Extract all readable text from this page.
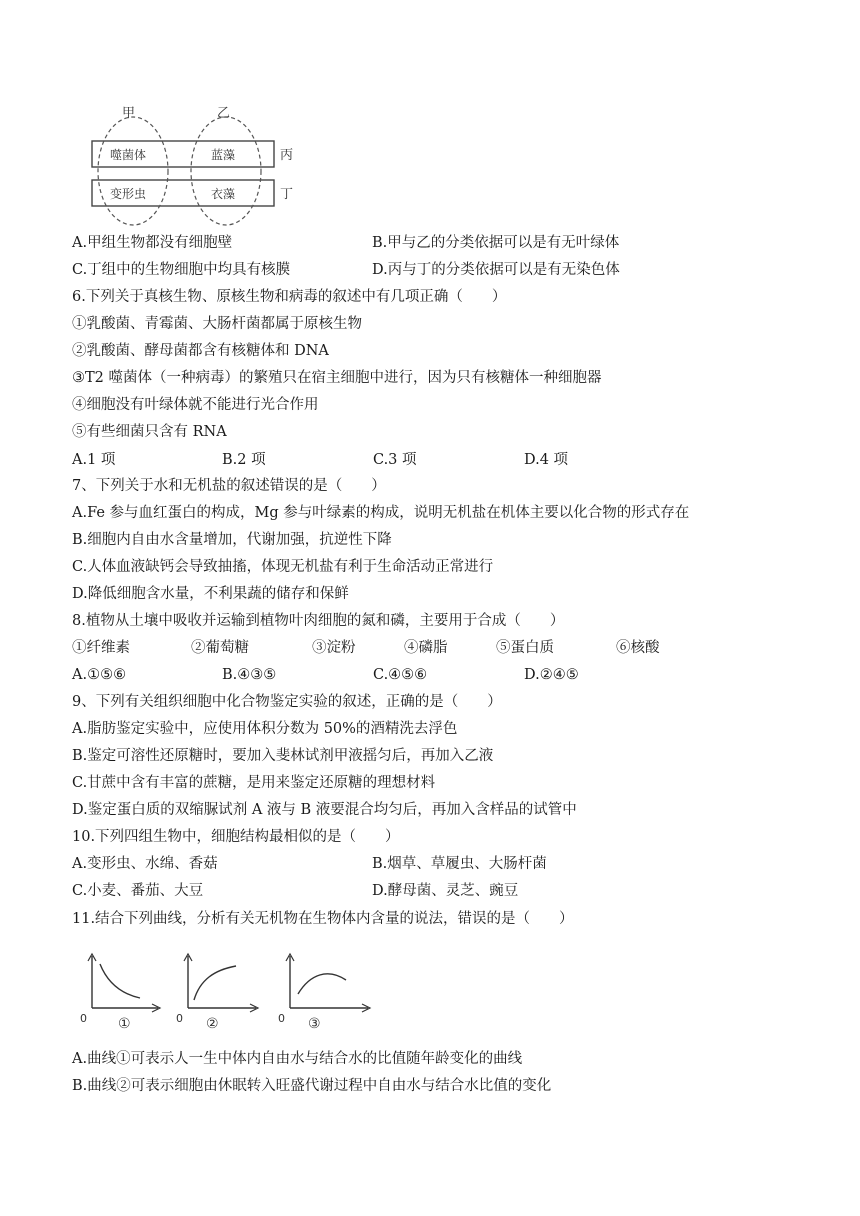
甲	乙
丙
丁
噬菌体	蓝藻
变形虫	衣藻
A.甲组生物都没有细胞壁	B.甲与乙的分类依据可以是有无叶绿体
C.丁组中的生物细胞中均具有核膜	D.丙与丁的分类依据可以是有无染色体
6.下列关于真核生物、原核生物和病毒的叙述中有几项正确（　　）
①乳酸菌、青霉菌、大肠杆菌都属于原核生物
②乳酸菌、酵母菌都含有核糖体和 DNA
③T2 噬菌体（一种病毒）的繁殖只在宿主细胞中进行，因为只有核糖体一种细胞器
④细胞没有叶绿体就不能进行光合作用
⑤有些细菌只含有 RNA
A.1 项	B.2 项	C.3 项	D.4 项
7、下列关于水和无机盐的叙述错误的是（　　）
A.Fe 参与血红蛋白的构成，Mg 参与叶绿素的构成，说明无机盐在机体主要以化合物的形式存在
B.细胞内自由水含量增加，代谢加强，抗逆性下降
C.人体血液缺钙会导致抽搐，体现无机盐有利于生命活动正常进行
D.降低细胞含水量，不利果蔬的储存和保鲜
8.植物从土壤中吸收并运输到植物叶肉细胞的氮和磷，主要用于合成（　　）
①纤维素	②葡萄糖	③淀粉	④磷脂	⑤蛋白质	⑥核酸
A.①⑤⑥	B.④③⑤	C.④⑤⑥	D.②④⑤
9、下列有关组织细胞中化合物鉴定实验的叙述，正确的是（　　）
A.脂肪鉴定实验中，应使用体积分数为 50%的酒精洗去浮色
B.鉴定可溶性还原糖时，要加入斐林试剂甲液摇匀后，再加入乙液
C.甘蔗中含有丰富的蔗糖，是用来鉴定还原糖的理想材料
D.鉴定蛋白质的双缩脲试剂 A 液与 B 液要混合均匀后，再加入含样品的试管中
10.下列四组生物中，细胞结构最相似的是（　　）
A.变形虫、水绵、香菇	B.烟草、草履虫、大肠杆菌
C.小麦、番茄、大豆	D.酵母菌、灵芝、豌豆
11.结合下列曲线，分析有关无机物在生物体内含量的说法，错误的是（　　）
0 ①	0 ②	0 ③
A.曲线①可表示人一生中体内自由水与结合水的比值随年龄变化的曲线
B.曲线②可表示细胞由休眠转入旺盛代谢过程中自由水与结合水比值的变化
